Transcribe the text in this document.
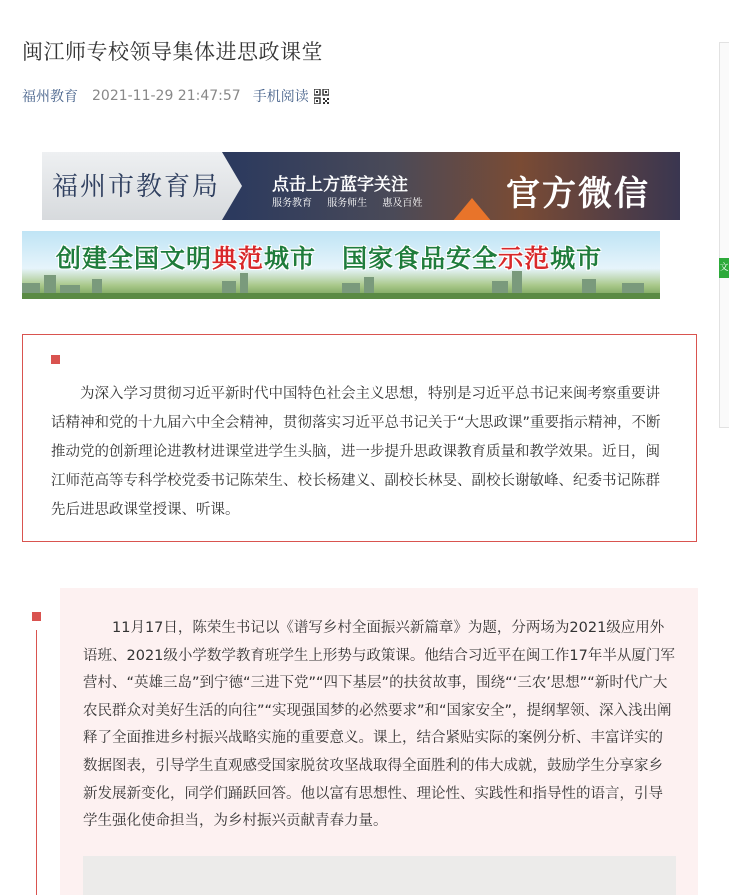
闽江师专校领导集体进思政课堂
福州教育 2021-11-29 21:47:57 手机阅读
文
福州市教育局	点击上方蓝字关注
服务教育 服务师生 惠及百姓	官方微信
创建全国文明典范城市　 国家食品安全示范城市

为深入学习贯彻习近平新时代中国特色社会主义思想，特别是习近平总书记来闽考察重要讲话精神和党的十九届六中全会精神，贯彻落实习近平总书记关于“大思政课”重要指示精神，不断推动党的创新理论进教材进课堂进学生头脑，进一步提升思政课教育质量和教学效果。近日，闽江师范高等专科学校党委书记陈荣生、校长杨建义、副校长林旻、副校长谢敏峰、纪委书记陈群先后进思政课堂授课、听课。

11月17日，陈荣生书记以《谱写乡村全面振兴新篇章》为题，分两场为2021级应用外语班、2021级小学数学教育班学生上形势与政策课。他结合习近平在闽工作17年半从厦门军营村、“英雄三岛”到宁德“三进下党”“四下基层”的扶贫故事，围绕“‘三农’思想”“新时代广大农民群众对美好生活的向往”“实现强国梦的必然要求”和“国家安全”，提纲挈领、深入浅出阐释了全面推进乡村振兴战略实施的重要意义。课上，结合紧贴实际的案例分析、丰富详实的数据图表，引导学生直观感受国家脱贫攻坚战取得全面胜利的伟大成就，鼓励学生分享家乡新发展新变化，同学们踊跃回答。他以富有思想性、理论性、实践性和指导性的语言，引导学生强化使命担当，为乡村振兴贡献青春力量。
